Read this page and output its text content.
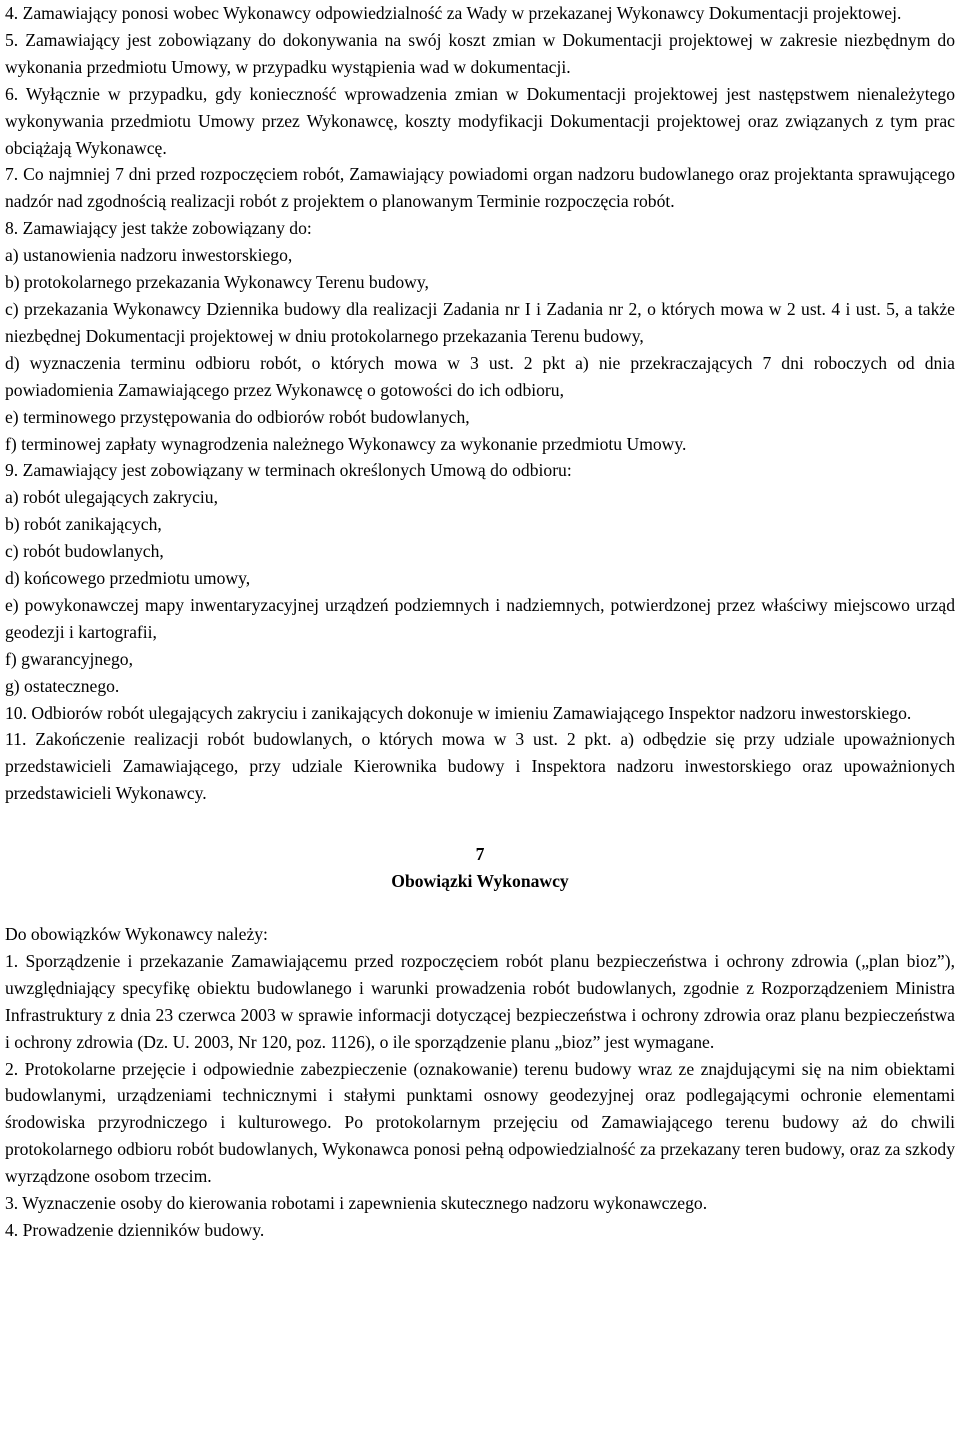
4. Zamawiający ponosi wobec Wykonawcy odpowiedzialność za Wady w przekazanej Wykonawcy Dokumentacji projektowej.

5. Zamawiający jest zobowiązany do dokonywania na swój koszt zmian w Dokumentacji projektowej w zakresie niezbędnym do wykonania przedmiotu Umowy, w przypadku wystąpienia wad w dokumentacji.

6. Wyłącznie w przypadku, gdy konieczność wprowadzenia zmian w Dokumentacji projektowej jest następstwem nienależytego wykonywania przedmiotu Umowy przez Wykonawcę, koszty modyfikacji Dokumentacji projektowej oraz związanych z tym prac obciążają Wykonawcę.

7. Co najmniej 7 dni przed rozpoczęciem robót, Zamawiający powiadomi organ nadzoru budowlanego oraz projektanta sprawującego nadzór nad zgodnością realizacji robót z projektem o planowanym Terminie rozpoczęcia robót.

8. Zamawiający jest także zobowiązany do:

a) ustanowienia nadzoru inwestorskiego,

b) protokolarnego przekazania Wykonawcy Terenu budowy,

c) przekazania Wykonawcy Dziennika budowy dla realizacji Zadania nr I i Zadania nr 2, o których mowa w 2 ust. 4 i ust. 5, a także niezbędnej Dokumentacji projektowej w dniu protokolarnego przekazania Terenu budowy,

d) wyznaczenia terminu odbioru robót, o których mowa w 3 ust. 2 pkt a) nie przekraczających 7 dni roboczych od dnia powiadomienia Zamawiającego przez Wykonawcę o gotowości do ich odbioru,

e) terminowego przystępowania do odbiorów robót budowlanych,

f) terminowej zapłaty wynagrodzenia należnego Wykonawcy za wykonanie przedmiotu Umowy.

9. Zamawiający jest zobowiązany w terminach określonych Umową do odbioru:

a) robót ulegających zakryciu,

b) robót zanikających,

c) robót budowlanych,

d) końcowego przedmiotu umowy,

e) powykonawczej mapy inwentaryzacyjnej urządzeń podziemnych i nadziemnych, potwierdzonej przez właściwy miejscowo urząd geodezji i kartografii,

f) gwarancyjnego,

g) ostatecznego.

10. Odbiorów robót ulegających zakryciu i zanikających dokonuje w imieniu Zamawiającego Inspektor nadzoru inwestorskiego.

11. Zakończenie realizacji robót budowlanych, o których mowa w 3 ust. 2 pkt. a) odbędzie się przy udziale upoważnionych przedstawicieli Zamawiającego, przy udziale Kierownika budowy i Inspektora nadzoru inwestorskiego oraz upoważnionych przedstawicieli Wykonawcy.

7

Obowiązki Wykonawcy

Do obowiązków Wykonawcy należy:

1. Sporządzenie i przekazanie Zamawiającemu przed rozpoczęciem robót planu bezpieczeństwa i ochrony zdrowia („plan bioz”), uwzględniający specyfikę obiektu budowlanego i warunki prowadzenia robót budowlanych, zgodnie z Rozporządzeniem Ministra Infrastruktury z dnia 23 czerwca 2003 w sprawie informacji dotyczącej bezpieczeństwa i ochrony zdrowia oraz planu bezpieczeństwa i ochrony zdrowia (Dz. U. 2003, Nr 120, poz. 1126), o ile sporządzenie planu „bioz” jest wymagane.

2. Protokolarne przejęcie i odpowiednie zabezpieczenie (oznakowanie) terenu budowy wraz ze znajdującymi się na nim obiektami budowlanymi, urządzeniami technicznymi i stałymi punktami osnowy geodezyjnej oraz podlegającymi ochronie elementami środowiska przyrodniczego i kulturowego. Po protokolarnym przejęciu od Zamawiającego terenu budowy aż do chwili protokolarnego odbioru robót budowlanych, Wykonawca ponosi pełną odpowiedzialność za przekazany teren budowy, oraz za szkody wyrządzone osobom trzecim.

3. Wyznaczenie osoby do kierowania robotami i zapewnienia skutecznego nadzoru wykonawczego.

4. Prowadzenie dzienników budowy.
